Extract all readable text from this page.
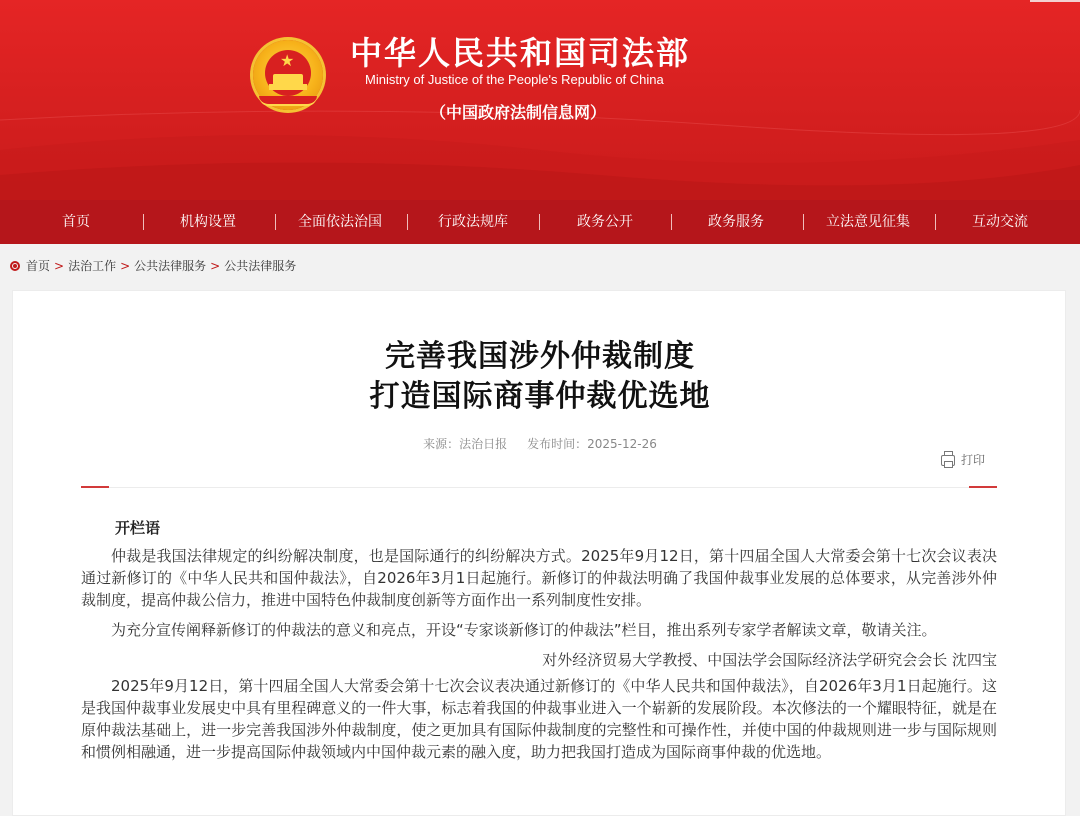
★ 中华人民共和国司法部
Ministry of Justice of the People's Republic of China
（中国政府法制信息网）
首页	机构设置	全面依法治国	行政法规库	政务公开	政务服务	立法意见征集	互动交流
首页 > 法治工作 > 公共法律服务 > 公共法律服务
完善我国涉外仲裁制度
打造国际商事仲裁优选地
来源：法治日报 发布时间：2025-12-26
打印
开栏语

仲裁是我国法律规定的纠纷解决制度，也是国际通行的纠纷解决方式。2025年9月12日，第十四届全国人大常委会第十七次会议表决通过新修订的《中华人民共和国仲裁法》，自2026年3月1日起施行。新修订的仲裁法明确了我国仲裁事业发展的总体要求，从完善涉外仲裁制度，提高仲裁公信力，推进中国特色仲裁制度创新等方面作出一系列制度性安排。

为充分宣传阐释新修订的仲裁法的意义和亮点，开设“专家谈新修订的仲裁法”栏目，推出系列专家学者解读文章，敬请关注。

对外经济贸易大学教授、中国法学会国际经济法学研究会会长 沈四宝

2025年9月12日，第十四届全国人大常委会第十七次会议表决通过新修订的《中华人民共和国仲裁法》，自2026年3月1日起施行。这是我国仲裁事业发展史中具有里程碑意义的一件大事，标志着我国的仲裁事业进入一个崭新的发展阶段。本次修法的一个耀眼特征，就是在原仲裁法基础上，进一步完善我国涉外仲裁制度，使之更加具有国际仲裁制度的完整性和可操作性，并使中国的仲裁规则进一步与国际规则和惯例相融通，进一步提高国际仲裁领域内中国仲裁元素的融入度，助力把我国打造成为国际商事仲裁的优选地。
